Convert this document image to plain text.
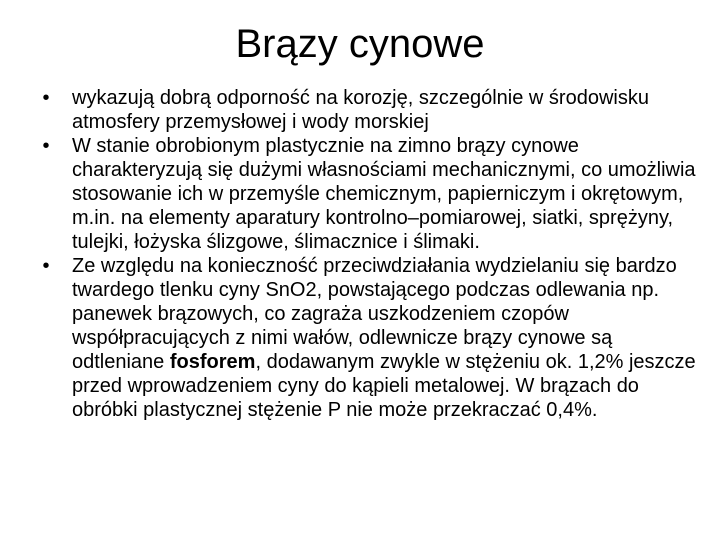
Brązy cynowe
•	wykazują dobrą odporność na korozję, szczególnie w środowisku atmosfery przemysłowej i wody morskiej
•	W stanie obrobionym plastycznie na zimno brązy cynowe charakteryzują się dużymi własnościami mechanicznymi, co umożliwia stosowanie ich w przemyśle chemicznym, papierniczym i okrętowym, m.in. na elementy aparatury kontrolno–pomiarowej, siatki, sprężyny, tulejki, łożyska ślizgowe, ślimacznice i ślimaki.
•	Ze względu na konieczność przeciwdziałania wydzielaniu się bardzo twardego tlenku cyny SnO2, powstającego podczas odlewania np. panewek brązowych, co zagraża uszkodzeniem czopów współpracujących z nimi wałów, odlewnicze brązy cynowe są odtleniane fosforem, dodawanym zwykle w stężeniu ok. 1,2% jeszcze przed wprowadzeniem cyny do kąpieli metalowej. W brązach do obróbki plastycznej stężenie P nie może przekraczać 0,4%.
